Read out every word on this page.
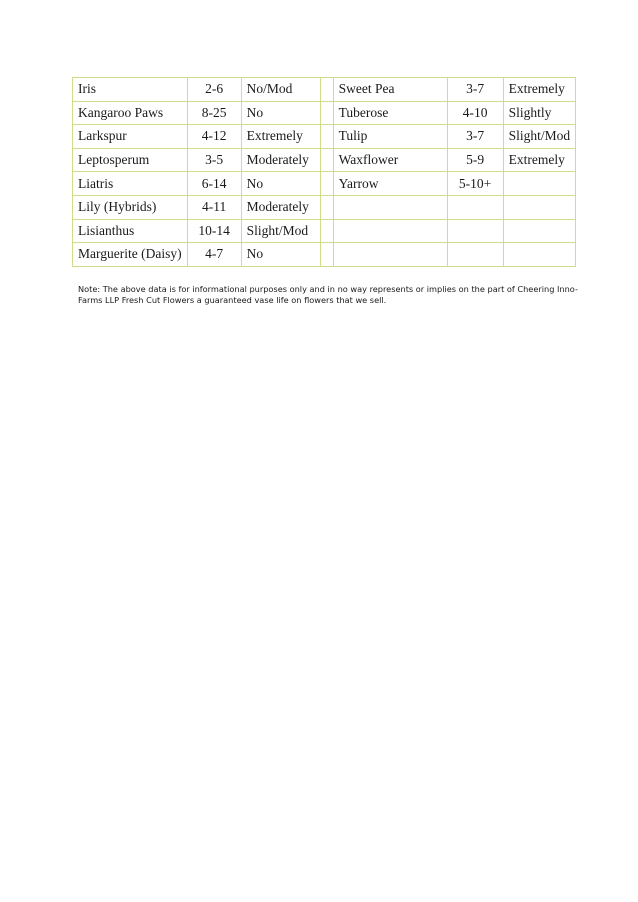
Iris	2-6	No/Mod		Sweet Pea	3-7	Extremely
Kangaroo Paws	8-25	No		Tuberose	4-10	Slightly
Larkspur	4-12	Extremely		Tulip	3-7	Slight/Mod
Leptosperum	3-5	Moderately		Waxflower	5-9	Extremely
Liatris	6-14	No		Yarrow	5-10+	
Lily (Hybrids)	4-11	Moderately				
Lisianthus	10-14	Slight/Mod				
Marguerite (Daisy)	4-7	No				

Note: The above data is for informational purposes only and in no way represents or implies on the part of Cheering Inno-Farms LLP Fresh Cut Flowers a guaranteed vase life on flowers that we sell.
